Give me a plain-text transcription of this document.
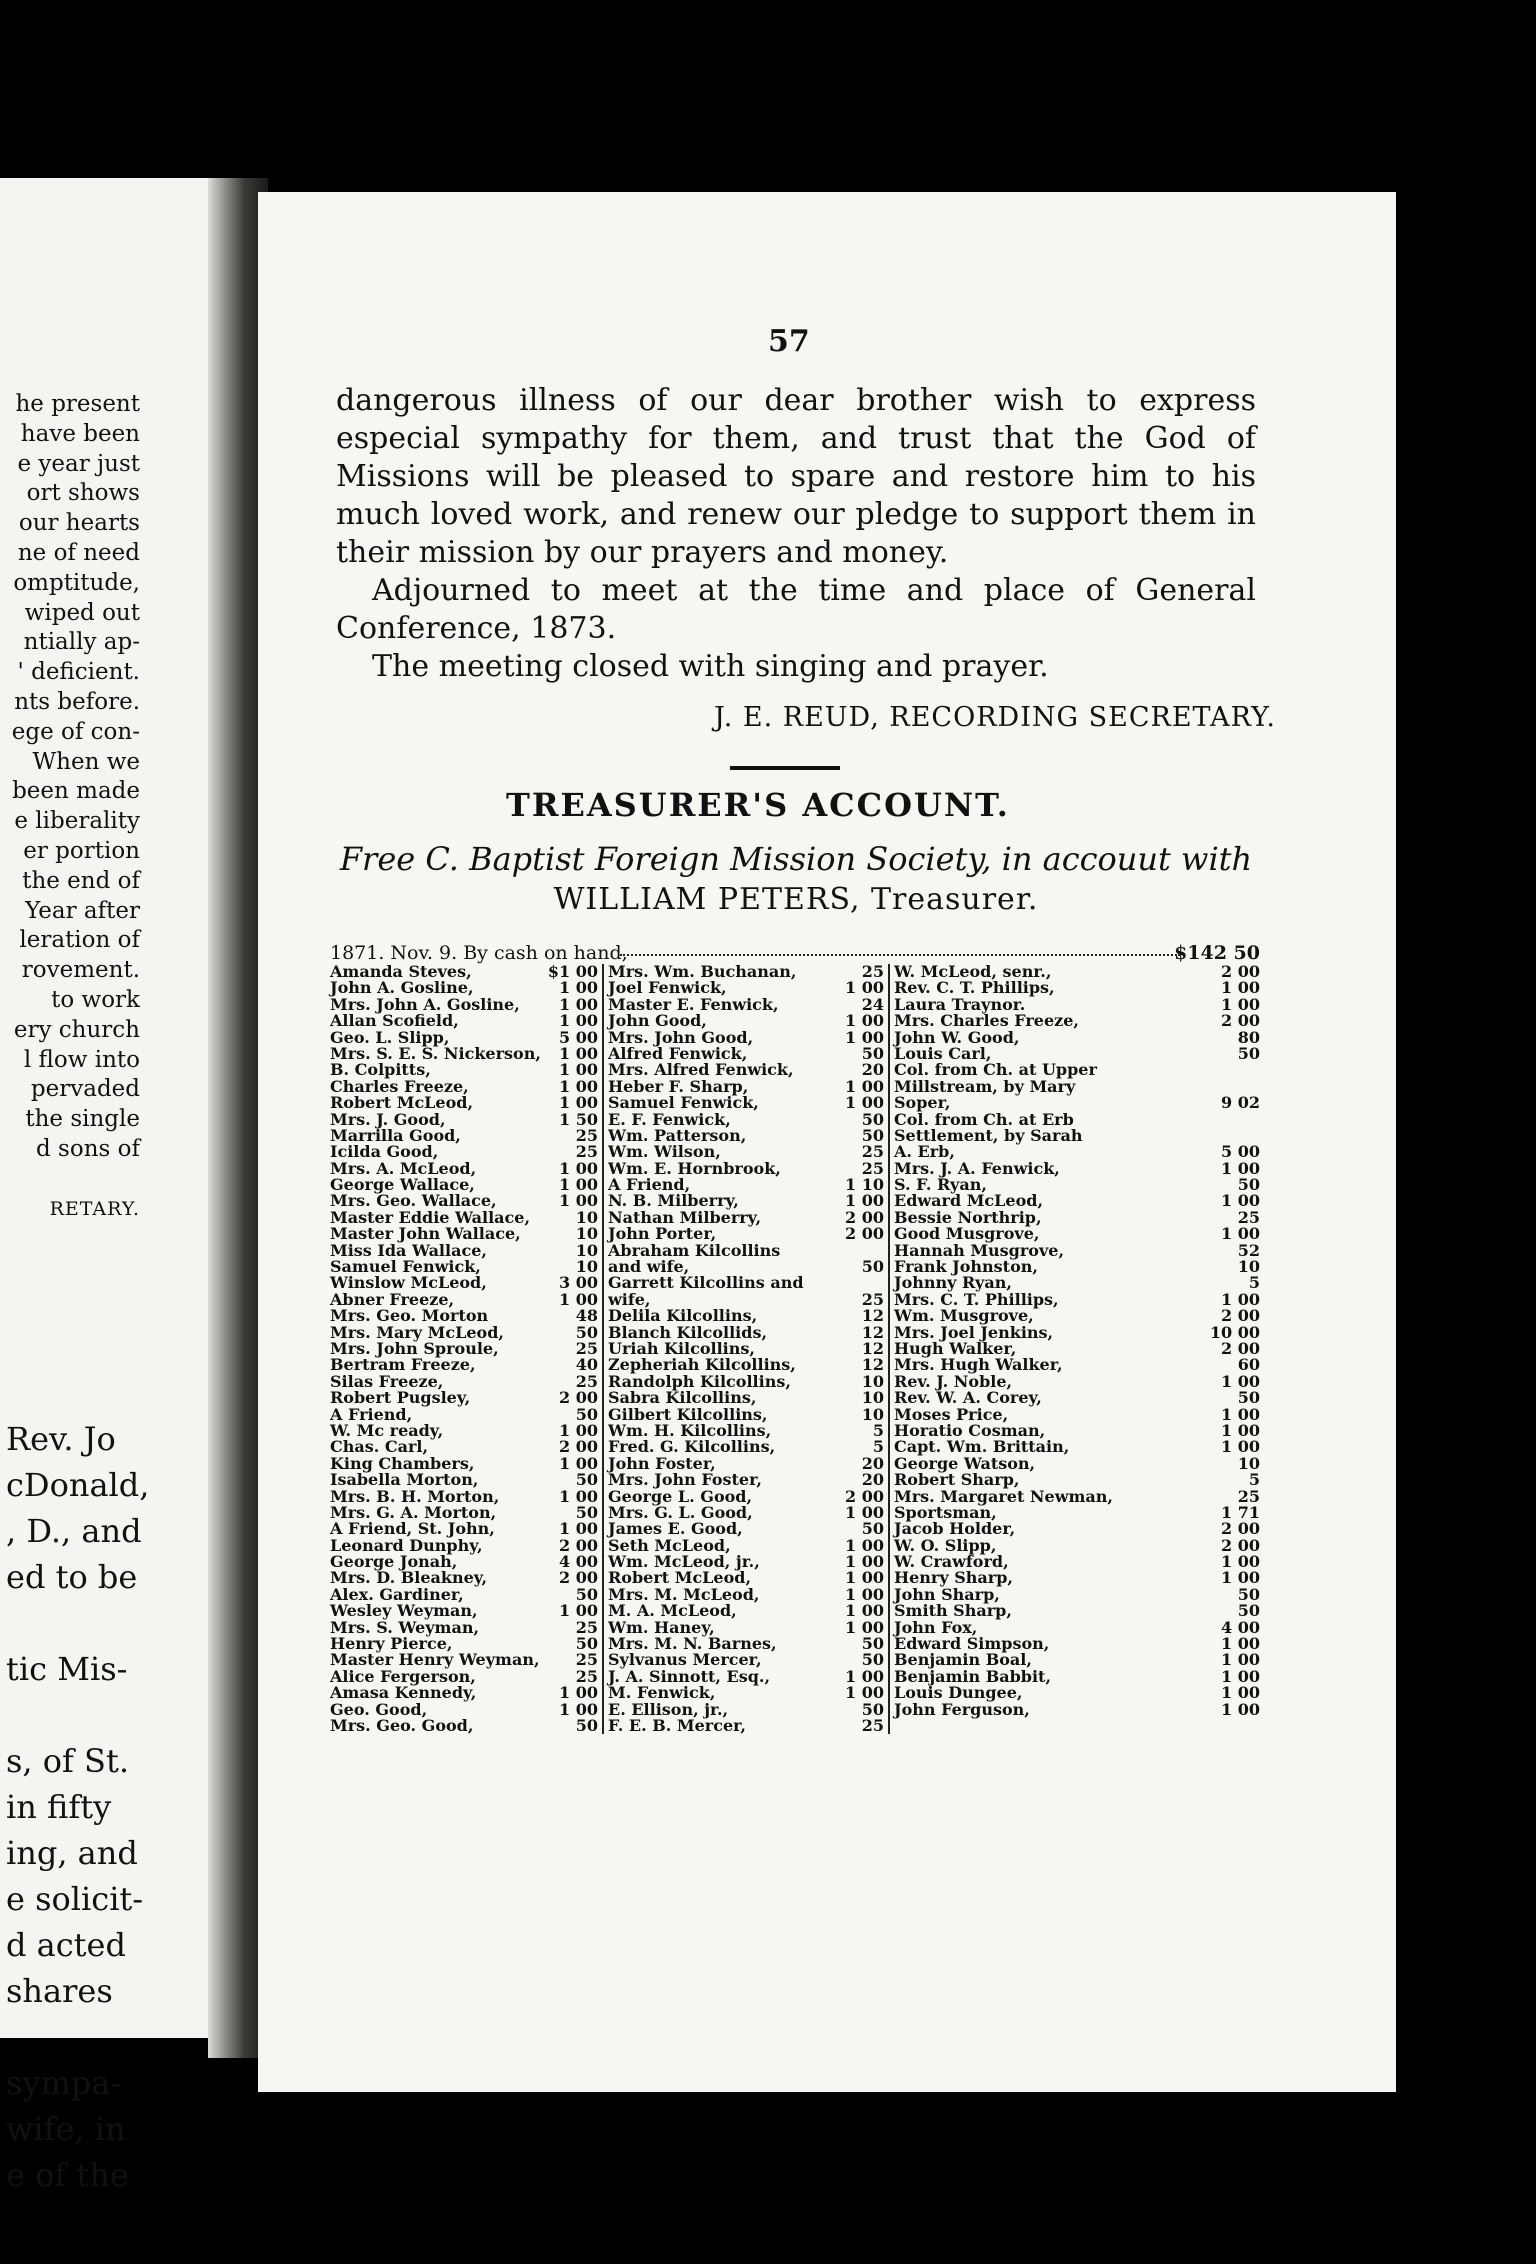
he present
have been
e year just
ort shows
our hearts
ne of need
omptitude,
wiped out
ntially ap-
' deficient.
nts before.
ege of con-
When we
been made
e liberality
er portion
the end of
Year after
leration of
rovement.
to work
ery church
l flow into
pervaded
the single
d sons of

RETARY.
Rev. Jo
cDonald,
, D., and
ed to be

tic Mis-

s, of St.
in fifty
ing, and
e solicit-
d acted
shares

sympa-
wife, in
e of the
57

dangerous illness of our dear brother wish to express especial sympathy for them, and trust that the God of Missions will be pleased to spare and restore him to his much loved work, and renew our pledge to support them in their mission by our prayers and money.

Adjourned to meet at the time and place of General Conference, 1873.

The meeting closed with singing and prayer.

J. E. REUD, RECORDING SECRETARY.
TREASURER'S ACCOUNT.
Free C. Baptist Foreign Mission Society, in accouut with
WILLIAM PETERS, Treasurer.
1871. Nov. 9. By cash on hand,	$142 50
Amanda Steves,	$1 00
John A. Gosline,	1 00
Mrs. John A. Gosline,	1 00
Allan Scofield,	1 00
Geo. L. Slipp,	5 00
Mrs. S. E. S. Nickerson,	1 00
B. Colpitts,	1 00
Charles Freeze,	1 00
Robert McLeod,	1 00
Mrs. J. Good,	1 50
Marrilla Good,	25
Icilda Good,	25
Mrs. A. McLeod,	1 00
George Wallace,	1 00
Mrs. Geo. Wallace,	1 00
Master Eddie Wallace,	10
Master John Wallace,	10
Miss Ida Wallace,	10
Samuel Fenwick,	10
Winslow McLeod,	3 00
Abner Freeze,	1 00
Mrs. Geo. Morton	48
Mrs. Mary McLeod,	50
Mrs. John Sproule,	25
Bertram Freeze,	40
Silas Freeze,	25
Robert Pugsley,	2 00
A Friend,	50
W. Mc ready,	1 00
Chas. Carl,	2 00
King Chambers,	1 00
Isabella Morton,	50
Mrs. B. H. Morton,	1 00
Mrs. G. A. Morton,	50
A Friend, St. John,	1 00
Leonard Dunphy,	2 00
George Jonah,	4 00
Mrs. D. Bleakney,	2 00
Alex. Gardiner,	50
Wesley Weyman,	1 00
Mrs. S. Weyman,	25
Henry Pierce,	50
Master Henry Weyman,	25
Alice Fergerson,	25
Amasa Kennedy,	1 00
Geo. Good,	1 00
Mrs. Geo. Good,	50
Mrs. Wm. Buchanan,	25
Joel Fenwick,	1 00
Master E. Fenwick,	24
John Good,	1 00
Mrs. John Good,	1 00
Alfred Fenwick,	50
Mrs. Alfred Fenwick,	20
Heber F. Sharp,	1 00
Samuel Fenwick,	1 00
E. F. Fenwick,	50
Wm. Patterson,	50
Wm. Wilson,	25
Wm. E. Hornbrook,	25
A Friend,	1 10
N. B. Milberry,	1 00
Nathan Milberry,	2 00
John Porter,	2 00
Abraham Kilcollins
and wife,	50
Garrett Kilcollins and
wife,	25
Delila Kilcollins,	12
Blanch Kilcollids,	12
Uriah Kilcollins,	12
Zepheriah Kilcollins,	12
Randolph Kilcollins,	10
Sabra Kilcollins,	10
Gilbert Kilcollins,	10
Wm. H. Kilcollins,	5
Fred. G. Kilcollins,	5
John Foster,	20
Mrs. John Foster,	20
George L. Good,	2 00
Mrs. G. L. Good,	1 00
James E. Good,	50
Seth McLeod,	1 00
Wm. McLeod, jr.,	1 00
Robert McLeod,	1 00
Mrs. M. McLeod,	1 00
M. A. McLeod,	1 00
Wm. Haney,	1 00
Mrs. M. N. Barnes,	50
Sylvanus Mercer,	50
J. A. Sinnott, Esq.,	1 00
M. Fenwick,	1 00
E. Ellison, jr.,	50
F. E. B. Mercer,	25
W. McLeod, senr.,	2 00
Rev. C. T. Phillips,	1 00
Laura Traynor.	1 00
Mrs. Charles Freeze,	2 00
John W. Good,	80
Louis Carl,	50
Col. from Ch. at Upper
Millstream, by Mary
Soper,	9 02
Col. from Ch. at Erb
Settlement, by Sarah
A. Erb,	5 00
Mrs. J. A. Fenwick,	1 00
S. F. Ryan,	50
Edward McLeod,	1 00
Bessie Northrip,	25
Good Musgrove,	1 00
Hannah Musgrove,	52
Frank Johnston,	10
Johnny Ryan,	5
Mrs. C. T. Phillips,	1 00
Wm. Musgrove,	2 00
Mrs. Joel Jenkins,	10 00
Hugh Walker,	2 00
Mrs. Hugh Walker,	60
Rev. J. Noble,	1 00
Rev. W. A. Corey,	50
Moses Price,	1 00
Horatio Cosman,	1 00
Capt. Wm. Brittain,	1 00
George Watson,	10
Robert Sharp,	5
Mrs. Margaret Newman,	25
Sportsman,	1 71
Jacob Holder,	2 00
W. O. Slipp,	2 00
W. Crawford,	1 00
Henry Sharp,	1 00
John Sharp,	50
Smith Sharp,	50
John Fox,	4 00
Edward Simpson,	1 00
Benjamin Boal,	1 00
Benjamin Babbit,	1 00
Louis Dungee,	1 00
John Ferguson,	1 00
